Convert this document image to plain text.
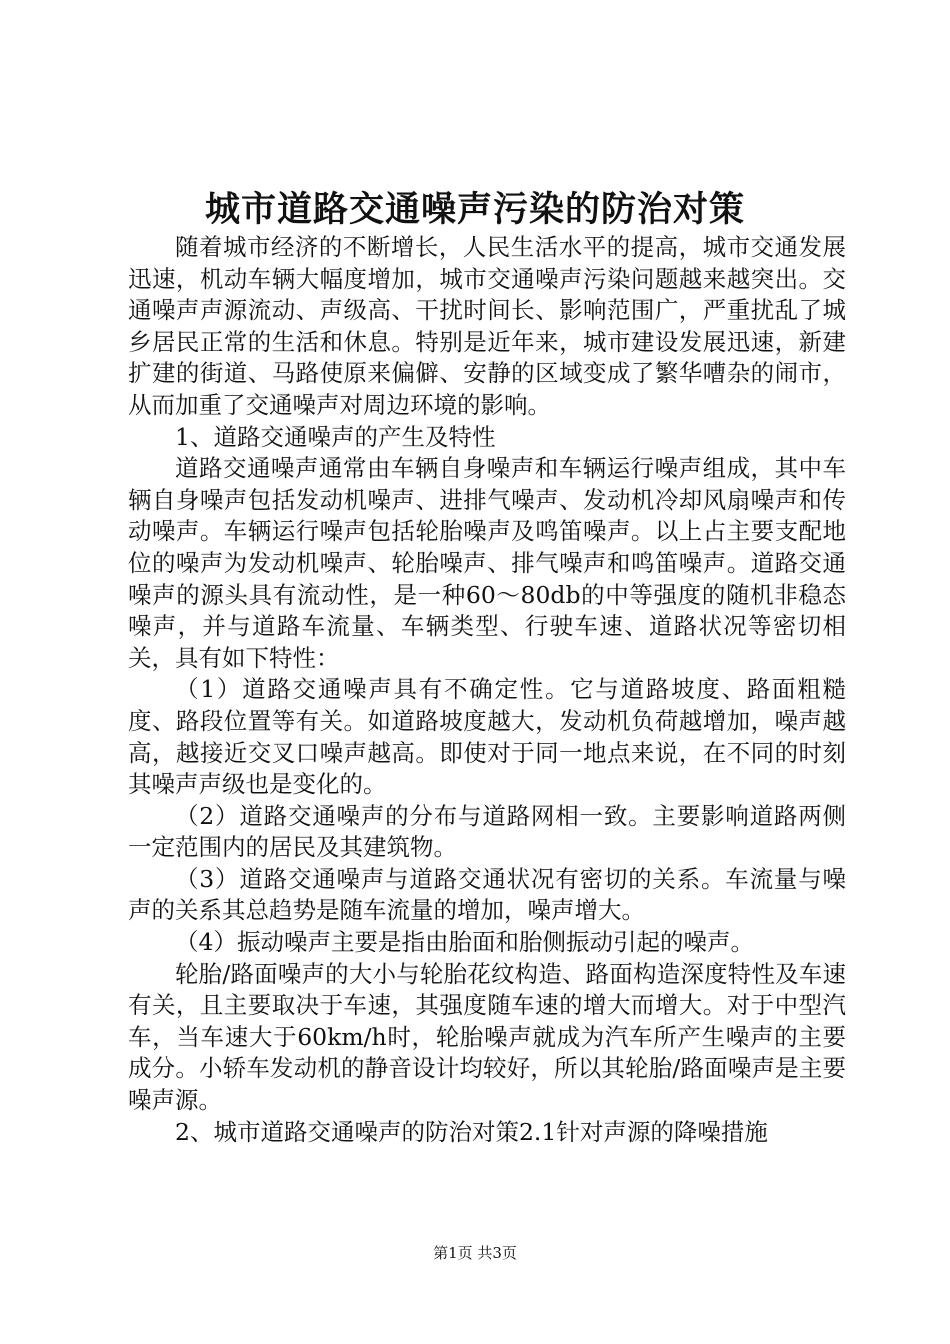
城市道路交通噪声污染的防治对策

随着城市经济的不断增长，人民生活水平的提高，城市交通发展迅速，机动车辆大幅度增加，城市交通噪声污染问题越来越突出。交通噪声声源流动、声级高、干扰时间长、影响范围广，严重扰乱了城乡居民正常的生活和休息。特别是近年来，城市建设发展迅速，新建扩建的街道、马路使原来偏僻、安静的区域变成了繁华嘈杂的闹市，从而加重了交通噪声对周边环境的影响。

1、道路交通噪声的产生及特性

道路交通噪声通常由车辆自身噪声和车辆运行噪声组成，其中车辆自身噪声包括发动机噪声、进排气噪声、发动机冷却风扇噪声和传动噪声。车辆运行噪声包括轮胎噪声及鸣笛噪声。以上占主要支配地位的噪声为发动机噪声、轮胎噪声、排气噪声和鸣笛噪声。道路交通噪声的源头具有流动性，是一种60～80db的中等强度的随机非稳态噪声，并与道路车流量、车辆类型、行驶车速、道路状况等密切相关，具有如下特性：

（1）道路交通噪声具有不确定性。它与道路坡度、路面粗糙度、路段位置等有关。如道路坡度越大，发动机负荷越增加，噪声越高，越接近交叉口噪声越高。即使对于同一地点来说，在不同的时刻其噪声声级也是变化的。

（2）道路交通噪声的分布与道路网相一致。主要影响道路两侧一定范围内的居民及其建筑物。

（3）道路交通噪声与道路交通状况有密切的关系。车流量与噪声的关系其总趋势是随车流量的增加，噪声增大。

（4）振动噪声主要是指由胎面和胎侧振动引起的噪声。

轮胎/路面噪声的大小与轮胎花纹构造、路面构造深度特性及车速有关，且主要取决于车速，其强度随车速的增大而增大。对于中型汽车，当车速大于60km/h时，轮胎噪声就成为汽车所产生噪声的主要成分。小轿车发动机的静音设计均较好，所以其轮胎/路面噪声是主要噪声源。

2、城市道路交通噪声的防治对策2.1针对声源的降噪措施

第1页 共3页
